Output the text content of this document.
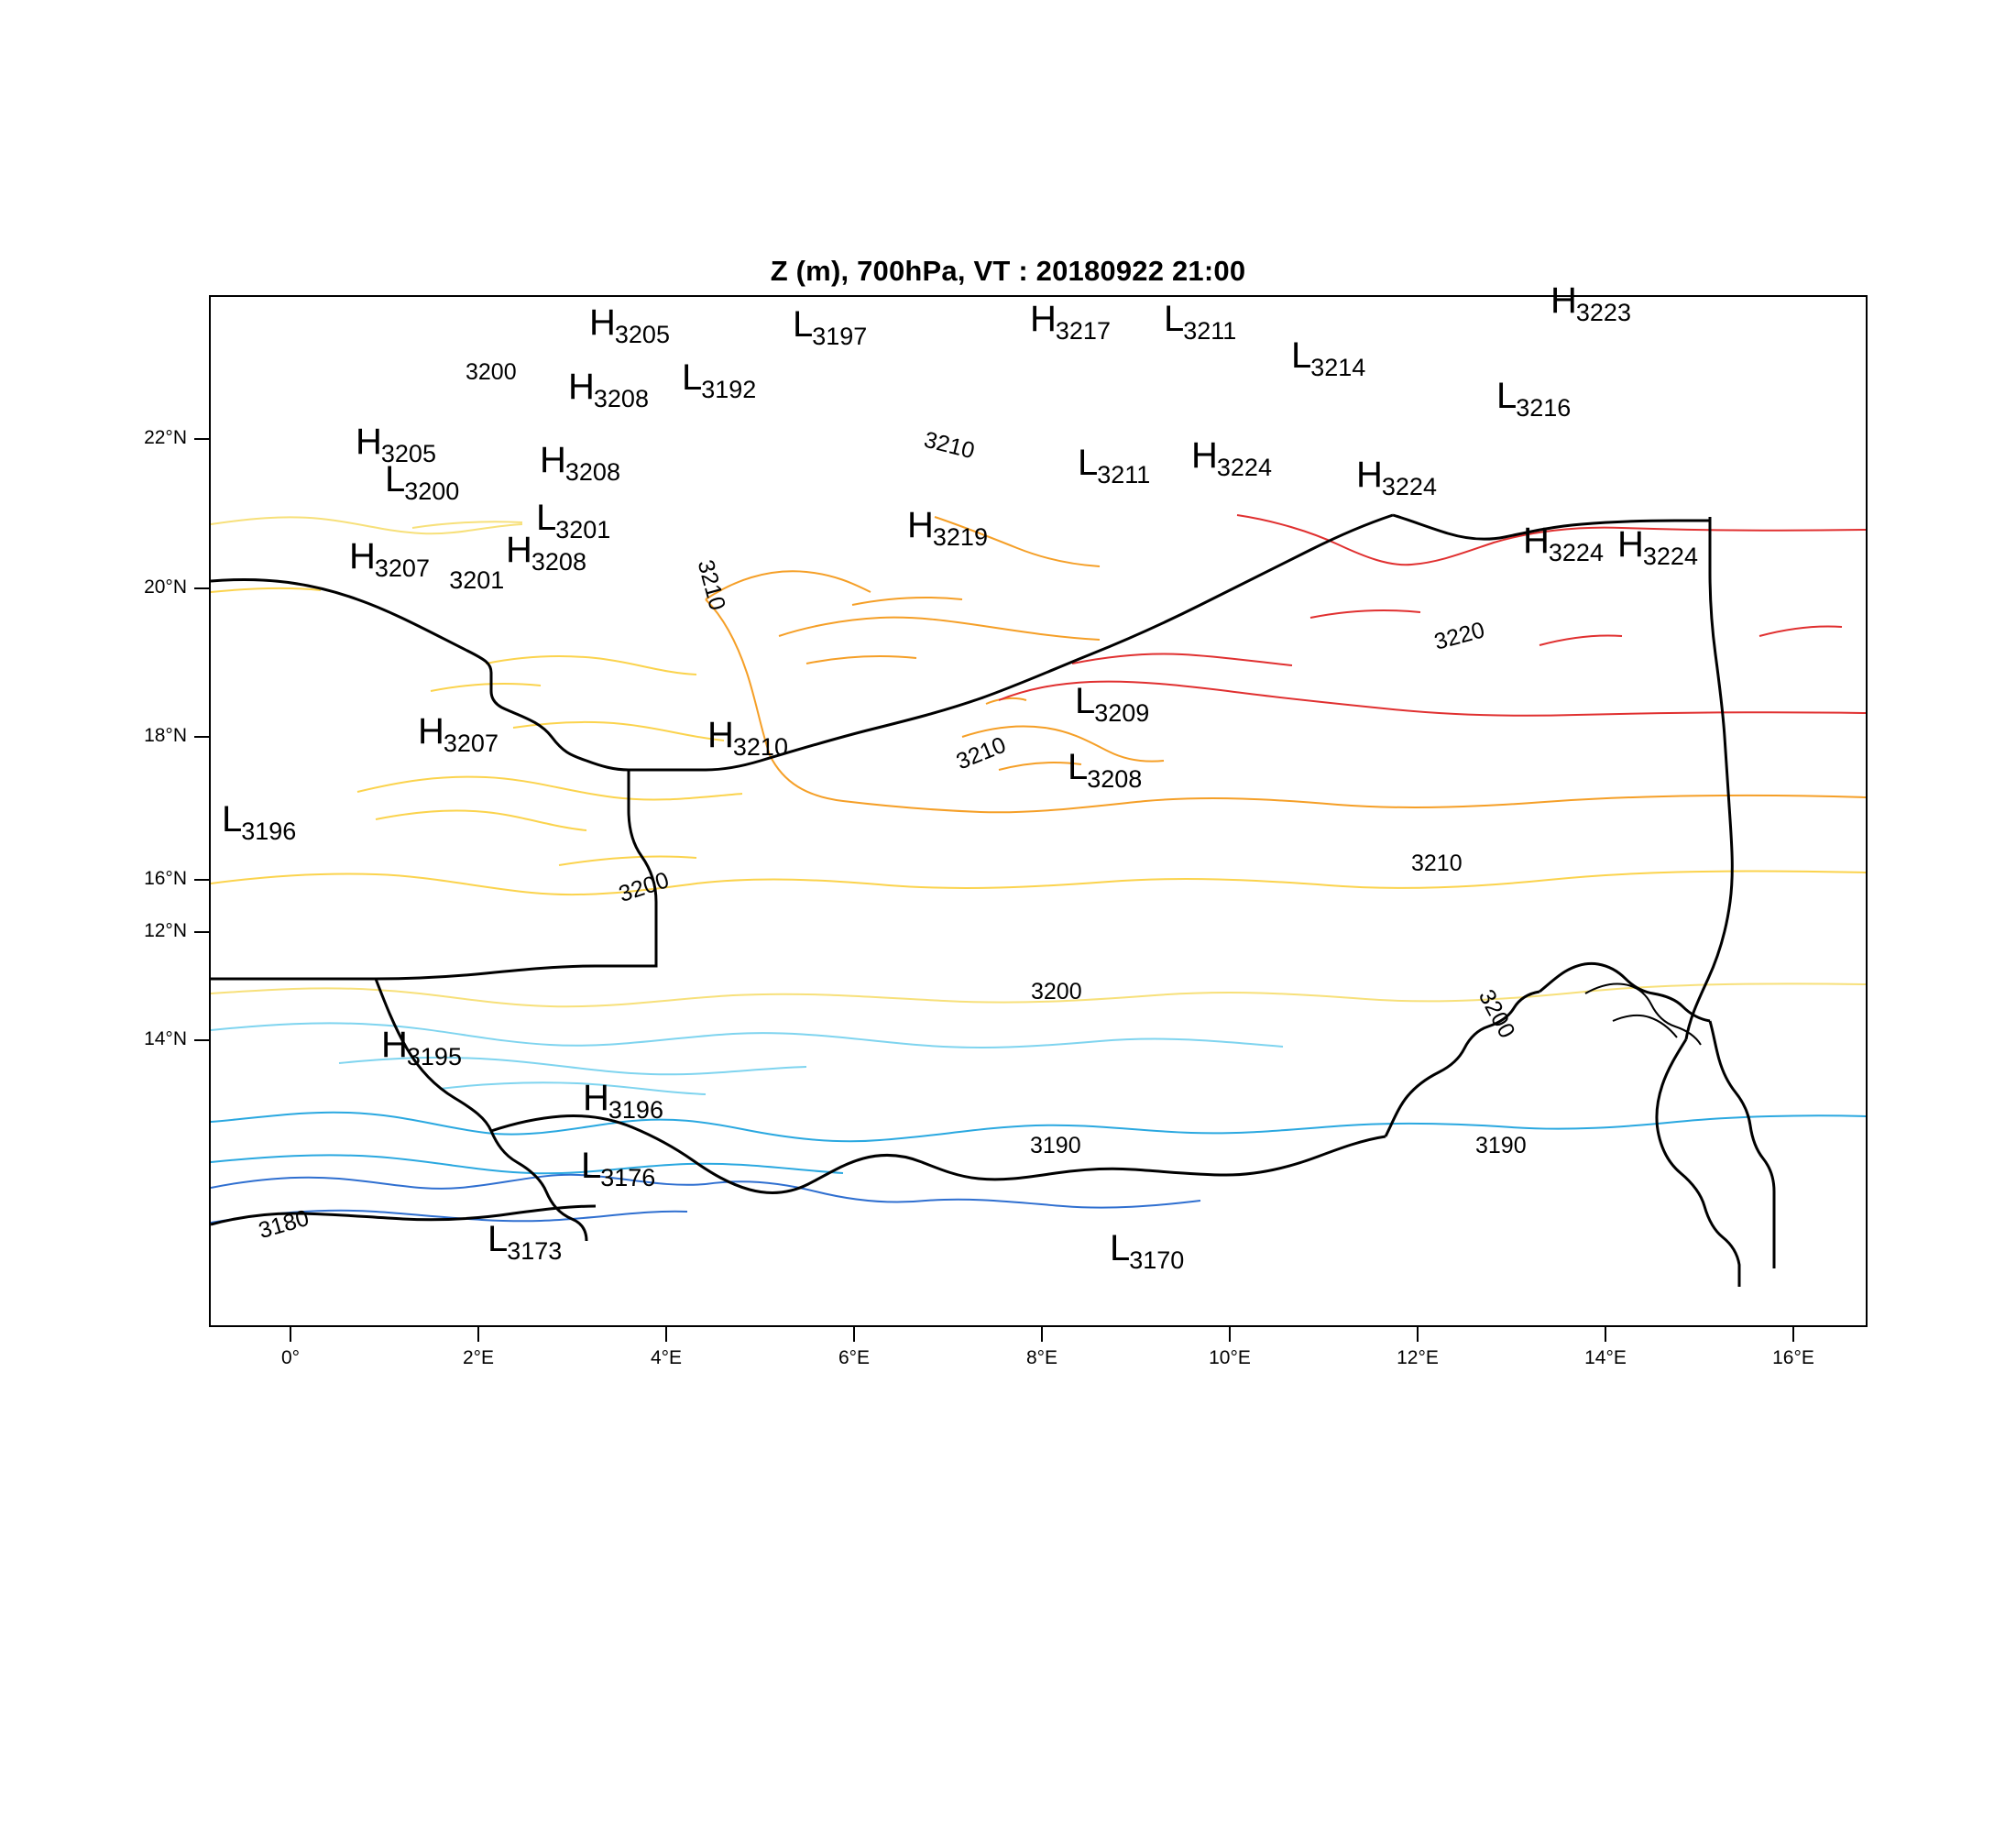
Z (m), 700hPa, VT : 20180922 21:00
12°N
14°N
16°N
18°N
20°N
22°N
0°	2°E	4°E	6°E	8°E	10°E	12°E	14°E	16°E
3200
3210
3210
3220
3210
3210
3200
3200	3200
3190	3190
3180
H3205	L3197	H3217 L3211
H3223
L3214
H3208
L3192	L3216
H3205	H3208	L3211 H3224 H3224
L3200
L3201	H3219
H3207 H3208
3201
H3224 H3224
L3209
H3207	H3210	L3208
L3196
H3195
H3196
L3176
L3173	L3170
